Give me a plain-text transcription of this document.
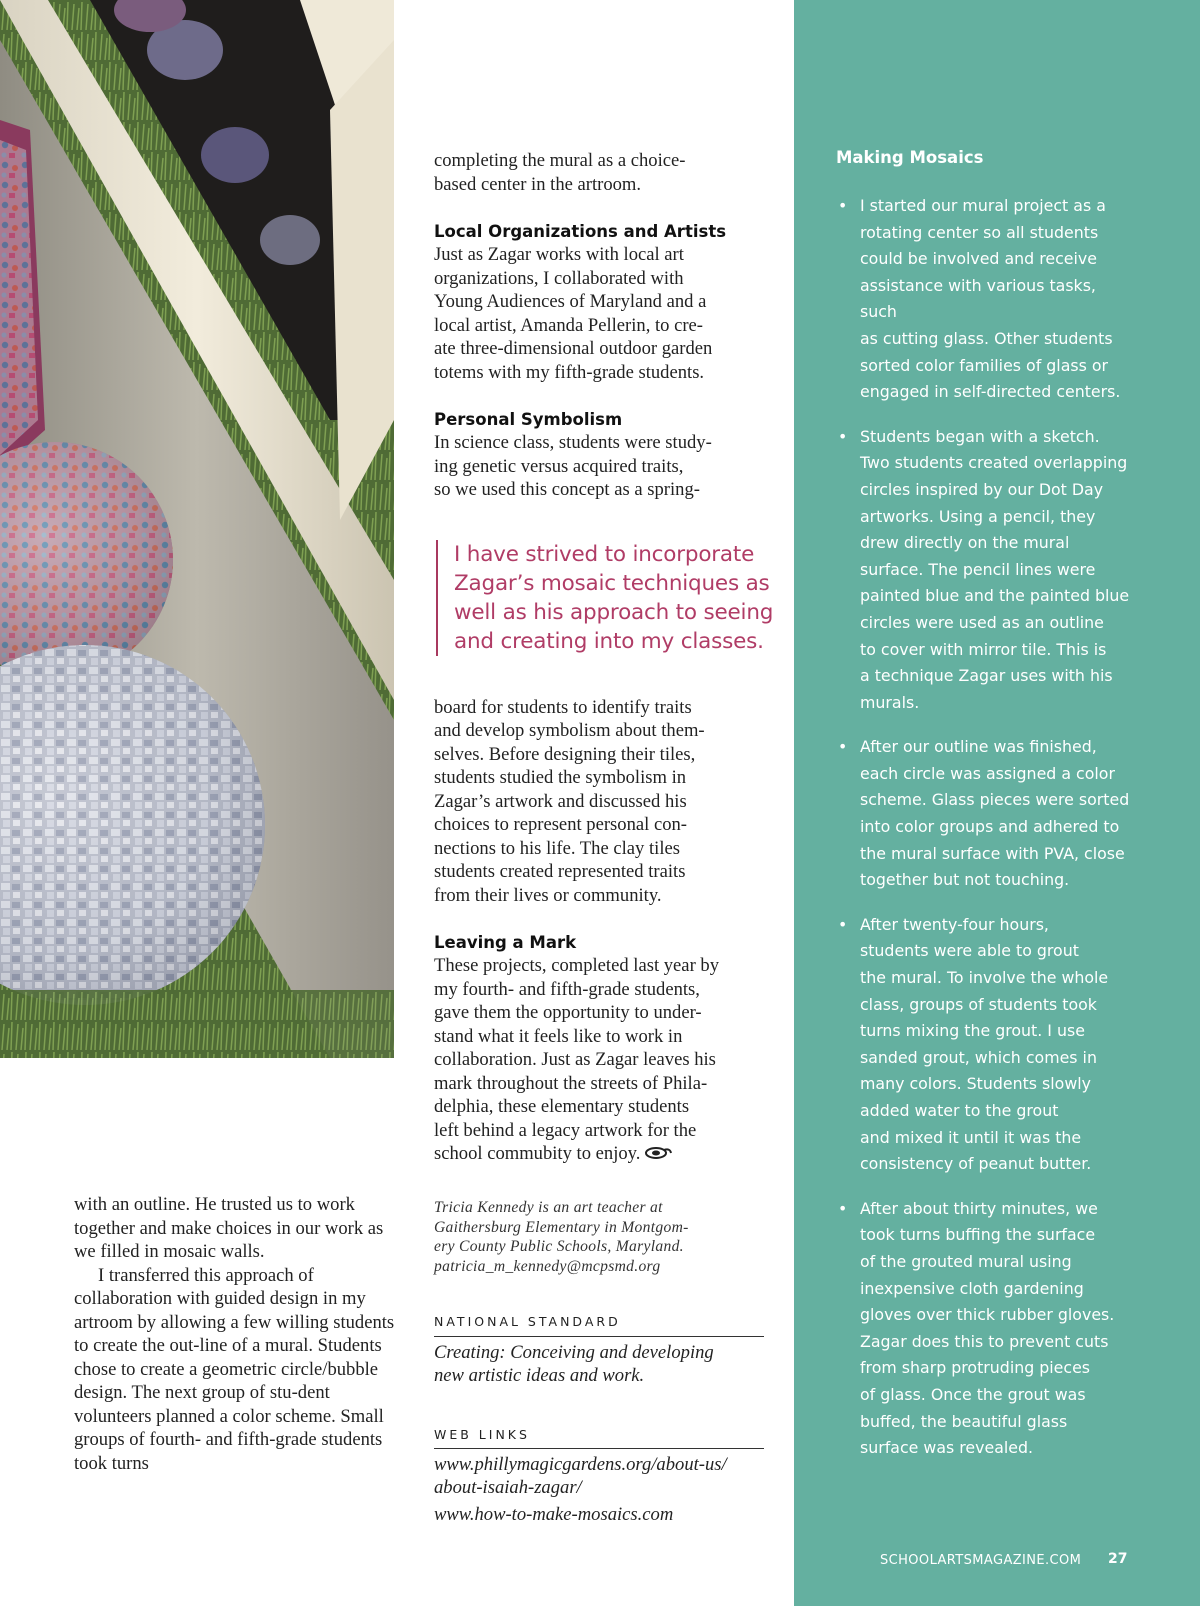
with an outline. He trusted us to work together and make choices in our work as we filled in mosaic walls.

I transferred this approach of collaboration with guided design in my artroom by allowing a few willing students to create the out-line of a mural. Students chose to create a geometric circle/bubble design. The next group of stu-dent volunteers planned a color scheme. Small groups of fourth- and fifth-grade students took turns

completing the mural as a choice-
based center in the artroom.

Local Organizations and Artists

Just as Zagar works with local art
organizations, I collaborated with
Young Audiences of Maryland and a
local artist, Amanda Pellerin, to cre-
ate three-dimensional outdoor garden
totems with my fifth-grade students.

Personal Symbolism

In science class, students were study-
ing genetic versus acquired traits,
so we used this concept as a spring-

I have strived to incorporate
Zagar’s mosaic techniques as
well as his approach to seeing
and creating into my classes.

board for students to identify traits
and develop symbolism about them-
selves. Before designing their tiles,
students studied the symbolism in
Zagar’s artwork and discussed his
choices to represent personal con-
nections to his life. The clay tiles
students created represented traits
from their lives or community.

Leaving a Mark

These projects, completed last year by
my fourth- and fifth-grade students,
gave them the opportunity to under-
stand what it feels like to work in
collaboration. Just as Zagar leaves his
mark throughout the streets of Phila-
delphia, these elementary students
left behind a legacy artwork for the
school commubity to enjoy.

Tricia Kennedy is an art teacher at
Gaithersburg Elementary in Montgom-
ery County Public Schools, Maryland.
patricia_m_kennedy@mcpsmd.org
NATIONAL STANDARD
Creating: Conceiving and developing
new artistic ideas and work.
WEB LINKS
www.phillymagicgardens.org/about-us/
about-isaiah-zagar/
www.how-to-make-mosaics.com
Making Mosaics
• I started our mural project as a
rotating center so all students
could be involved and receive
assistance with various tasks, such
as cutting glass. Other students
sorted color families of glass or
engaged in self-directed centers.
• Students began with a sketch.
Two students created overlapping
circles inspired by our Dot Day
artworks. Using a pencil, they
drew directly on the mural
surface. The pencil lines were
painted blue and the painted blue
circles were used as an outline
to cover with mirror tile. This is
a technique Zagar uses with his
murals.
• After our outline was finished,
each circle was assigned a color
scheme. Glass pieces were sorted
into color groups and adhered to
the mural surface with PVA, close
together but not touching.
• After twenty-four hours,
students were able to grout
the mural. To involve the whole
class, groups of students took
turns mixing the grout. I use
sanded grout, which comes in
many colors. Students slowly
added water to the grout
and mixed it until it was the
consistency of peanut butter.
• After about thirty minutes, we
took turns buffing the surface
of the grouted mural using
inexpensive cloth gardening
gloves over thick rubber gloves.
Zagar does this to prevent cuts
from sharp protruding pieces
of glass. Once the grout was
buffed, the beautiful glass
surface was revealed.
SCHOOLARTSMAGAZINE.COM 27
